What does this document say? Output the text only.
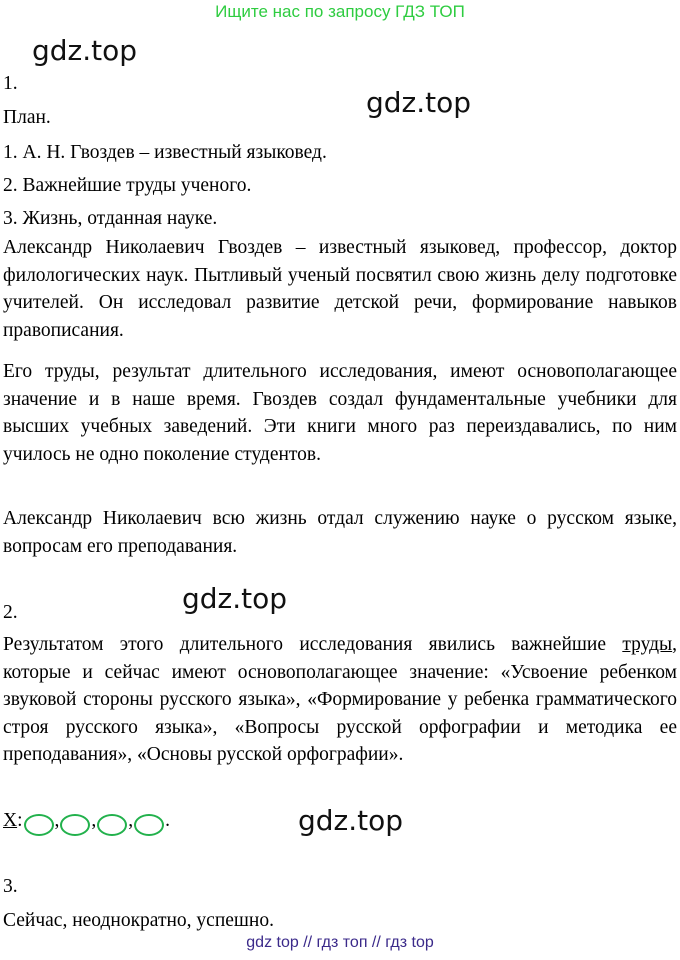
Ищите нас по запросу ГДЗ ТОП
gdz.top
gdz.top
gdz.top
gdz.top
1.
План.
1. А. Н. Гвоздев – известный языковед.
2. Важнейшие труды ученого.
3. Жизнь, отданная науке.
Александр Николаевич Гвоздев – известный языковед, профессор, доктор филологических наук. Пытливый ученый посвятил свою жизнь делу подготовке учителей. Он исследовал развитие детской речи, формирование навыков правописания.
Его труды, результат длительного исследования, имеют основополагающее значение и в наше время. Гвоздев создал фундаментальные учебники для высших учебных заведений. Эти книги много раз переиздавались, по ним училось не одно поколение студентов.
Александр Николаевич всю жизнь отдал служению науке о русском языке, вопросам его преподавания.
2.
Результатом этого длительного исследования явились важнейшие труды, которые и сейчас имеют основополагающее значение: «Усвоение ребенком звуковой стороны русского языка», «Формирование у ребенка грамматического строя русского языка», «Вопросы русской орфографии и методика ее преподавания», «Основы русской орфографии».
Х : , , , .
3.
Сейчас, неоднократно, успешно.
gdz top // гдз топ // гдз top
